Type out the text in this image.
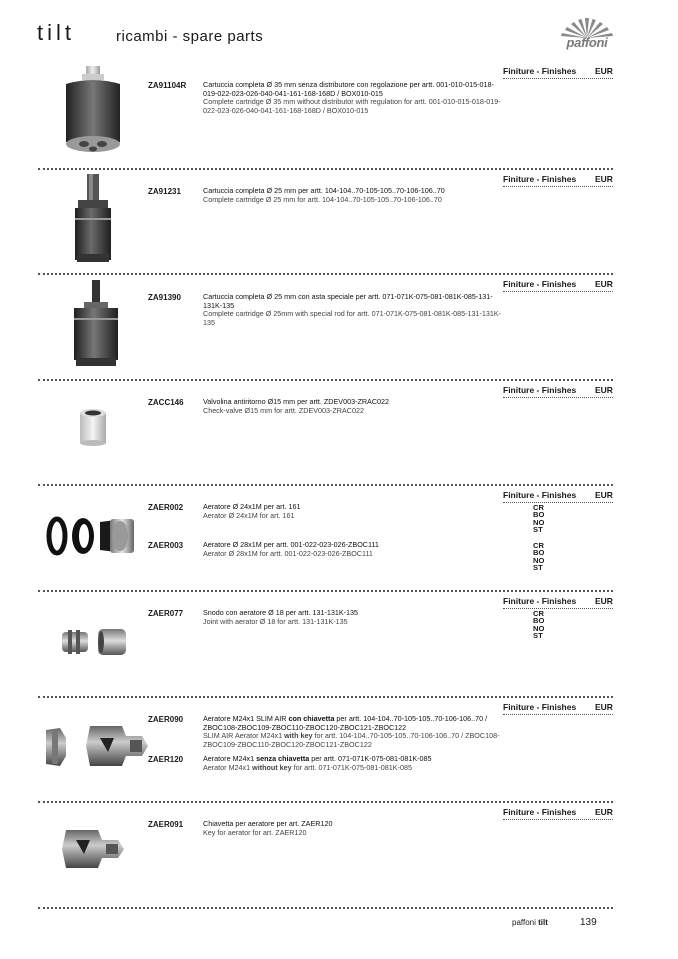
tilt	ricambi - spare parts	paffoni
Finiture - Finishes EUR
ZA91104R Cartuccia completa Ø 35 mm senza distributore con regolazione per artt. 001-010-015-018-019-022-023-026-040-041-161-168-168D / BOX010-015
Complete cartridge Ø 35 mm without distributor with regulation for artt. 001-010-015-018-019-022-023-026-040-041-161-168-168D / BOX010-015
Finiture - Finishes EUR
ZA91231	Cartuccia completa Ø 25 mm per artt. 104-104..70-105-105..70-106-106..70
Complete cartridge Ø 25 mm for artt. 104-104..70-105-105..70-106-106..70
Finiture - Finishes EUR
ZA91390	Cartuccia completa Ø 25 mm con asta speciale per artt. 071-071K-075-081-081K-085-131-131K-135
Complete cartridge Ø 25mm with special rod for artt. 071-071K-075-081-081K-085-131-131K-135
Finiture - Finishes EUR
ZACC146	Valvolina antiritorno Ø15 mm per artt. ZDEV003-ZRAC022
Check-valve Ø15 mm for artt. ZDEV003-ZRAC022
Finiture - Finishes EUR
ZAER002	Aeratore Ø 24x1M per art. 161
Aerator Ø 24x1M for art. 161
CR
BO
NO
ST
ZAER003	Aeratore Ø 28x1M per artt. 001-022-023-026-ZBOC111
Aerator Ø 28x1M for artt. 001-022-023-026-ZBOC111
CR
BO
NO
ST
Finiture - Finishes EUR
ZAER077	Snodo con aeratore Ø 18 per artt. 131-131K-135
Joint with aerator Ø 18 for artt. 131-131K-135
CR
BO
NO
ST
Finiture - Finishes EUR
ZAER090	Aeratore M24x1 SLIM AIR con chiavetta per artt. 104-104..70-105-105..70-106-106..70 / ZBOC108-ZBOC109-ZBOC110-ZBOC120-ZBOC121-ZBOC122
SLIM AIR Aerator M24x1 with key for artt. 104-104..70-105-105..70-106-106..70 / ZBOC108-ZBOC109-ZBOC110-ZBOC120-ZBOC121-ZBOC122
ZAER120	Aeratore M24x1 senza chiavetta per artt. 071-071K-075-081-081K-085
Aerator M24x1 without key for artt. 071-071K-075-081-081K-085
Finiture - Finishes EUR
ZAER091	Chiavetta per aeratore per art. ZAER120
Key for aerator for art. ZAER120
paffoni tilt	139
